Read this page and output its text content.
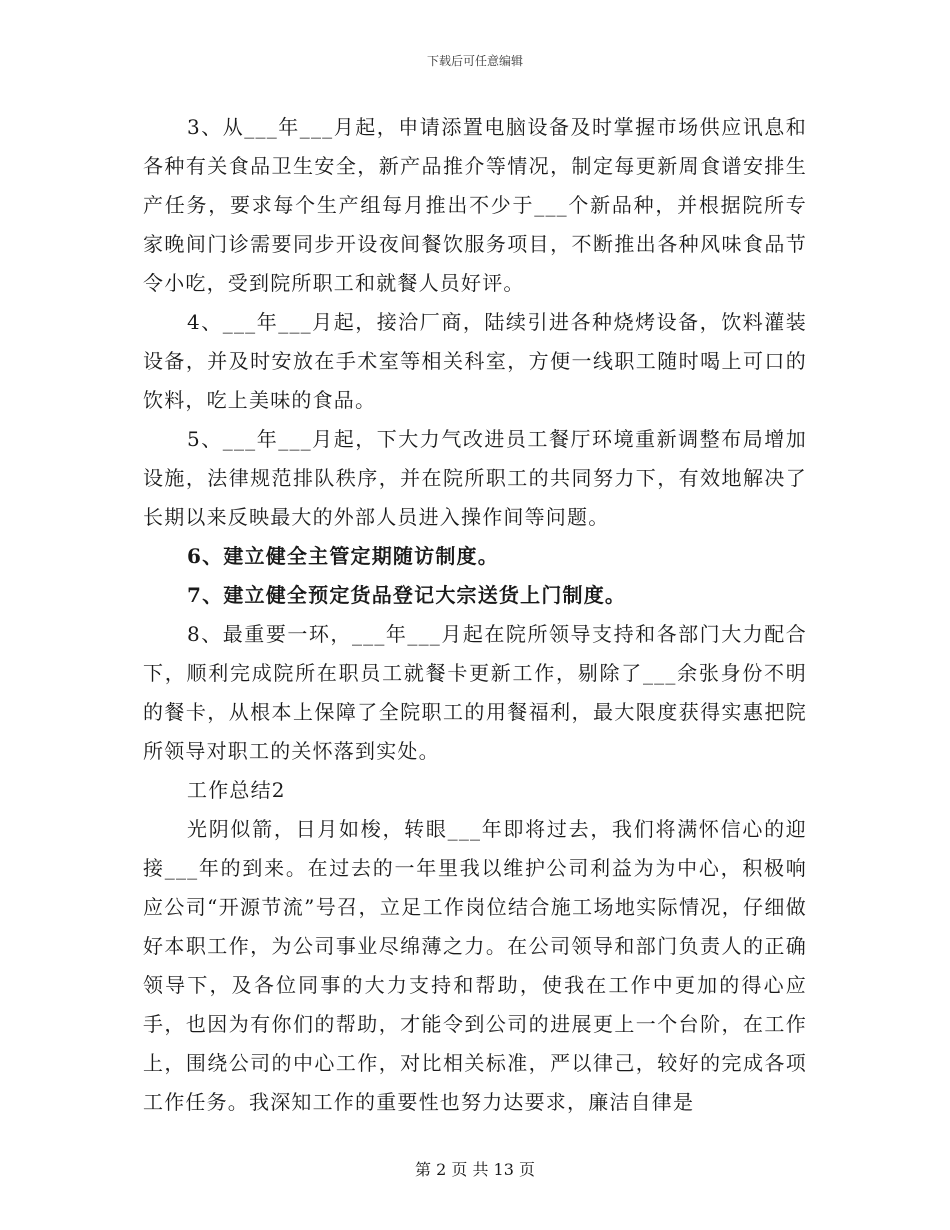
下载后可任意编辑

3、从___年___月起，申请添置电脑设备及时掌握市场供应讯息和各种有关食品卫生安全，新产品推介等情况，制定每更新周食谱安排生产任务，要求每个生产组每月推出不少于___个新品种，并根据院所专家晚间门诊需要同步开设夜间餐饮服务项目，不断推出各种风味食品节令小吃，受到院所职工和就餐人员好评。

4、___年___月起，接洽厂商，陆续引进各种烧烤设备，饮料灌装设备，并及时安放在手术室等相关科室，方便一线职工随时喝上可口的饮料，吃上美味的食品。

5、___年___月起，下大力气改进员工餐厅环境重新调整布局增加设施，法律规范排队秩序，并在院所职工的共同努力下，有效地解决了长期以来反映最大的外部人员进入操作间等问题。

6、建立健全主管定期随访制度。

7、建立健全预定货品登记大宗送货上门制度。

8、最重要一环，___年___月起在院所领导支持和各部门大力配合下，顺利完成院所在职员工就餐卡更新工作，剔除了___余张身份不明的餐卡，从根本上保障了全院职工的用餐福利，最大限度获得实惠把院所领导对职工的关怀落到实处。

工作总结2

光阴似箭，日月如梭，转眼___年即将过去，我们将满怀信心的迎接___年的到来。在过去的一年里我以维护公司利益为为中心，积极响应公司“开源节流”号召，立足工作岗位结合施工场地实际情况，仔细做好本职工作，为公司事业尽绵薄之力。在公司领导和部门负责人的正确领导下，及各位同事的大力支持和帮助，使我在工作中更加的得心应手，也因为有你们的帮助，才能令到公司的进展更上一个台阶，在工作上，围绕公司的中心工作，对比相关标准，严以律己，较好的完成各项工作任务。我深知工作的重要性也努力达要求，廉洁自律是

第 2 页 共 13 页
